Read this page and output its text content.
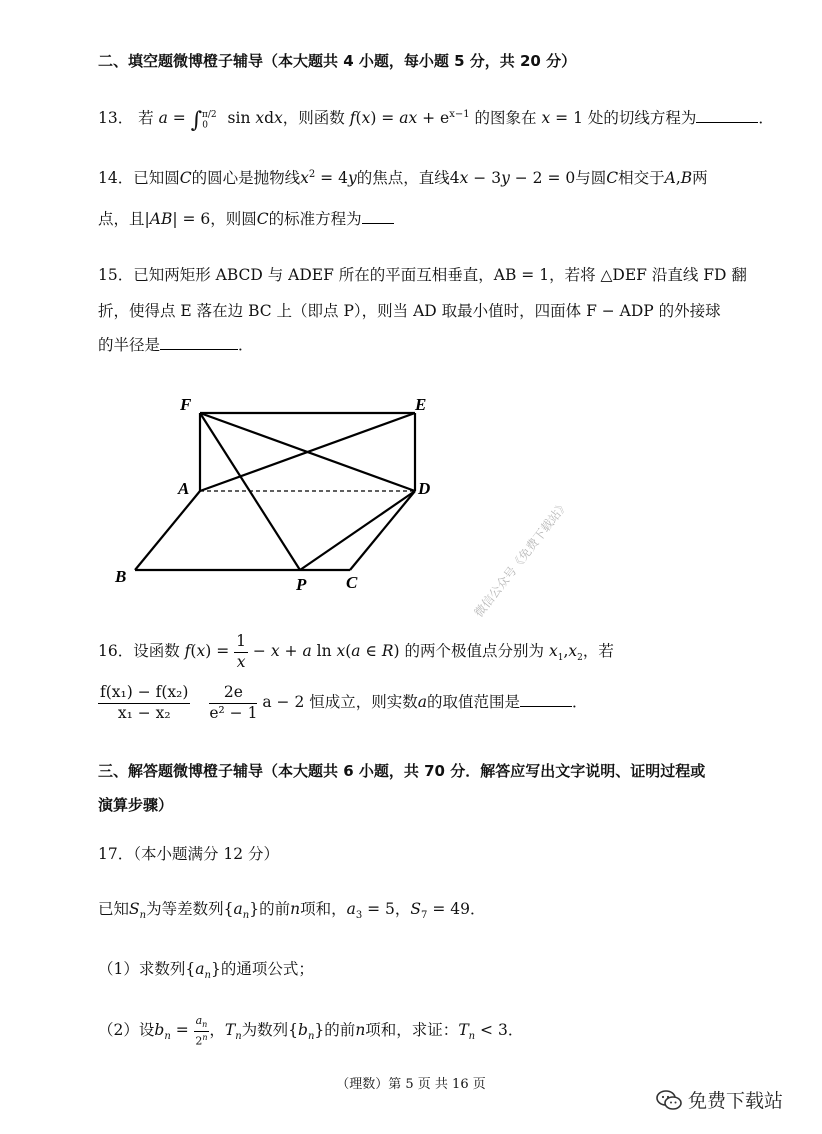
二、填空题微博橙子辅导（本大题共 4 小题，每小题 5 分，共 20 分）
13． 若 $a = \int_0^{\pi/2}$ sin xdx，则函数 f(x) = ax + $e^{x-1}$ 的图象在 x = 1 处的切线方程为	．
14．已知圆C的圆心是抛物线$x^2 = 4y$的焦点，直线4x − 3y − 2 = 0与圆C相交于A,B两
点，且|AB| = 6，则圆C的标准方程为
15．已知两矩形 ABCD 与 ADEF 所在的平面互相垂直，AB = 1，若将 △DEF 沿直线 FD 翻
折，使得点 E 落在边 BC 上（即点 P），则当 AD 取最小值时，四面体 F − ADP 的外接球
的半径是	．
F	E
A	D
B	P C	微信公众号《免费下载站》
16．设函数 $f(x) = \frac{1}{x} - x + a$ ln x(a ∈ R) 的两个极值点分别为 $x_1,x_2$，若
$\frac{\text{f(x₁) − f(x₂)}}{\text{x₁ − x₂}}$
$\frac{2e}{\text{e² − 1}}$ a − 2 恒成立，则实数a的取值范围是	．
三、解答题微博橙子辅导（本大题共 6 小题，共 70 分．解答应写出文字说明、证明过程或
演算步骤）
17．（本小题满分 12 分）
已知$S_n$为等差数列$\{a_n\}$的前n项和，$a_3 = 5$，$S_7 = 49$．
（1）求数列$\{a_n\}$的通项公式；
（2）设$b_n = \frac{a_n}{2^n}$ ，$T_n$为数列$\{b_n\}$的前n项和，求证：$T_n < 3$．
（理数）第 5 页 共 16 页
免费下载站
